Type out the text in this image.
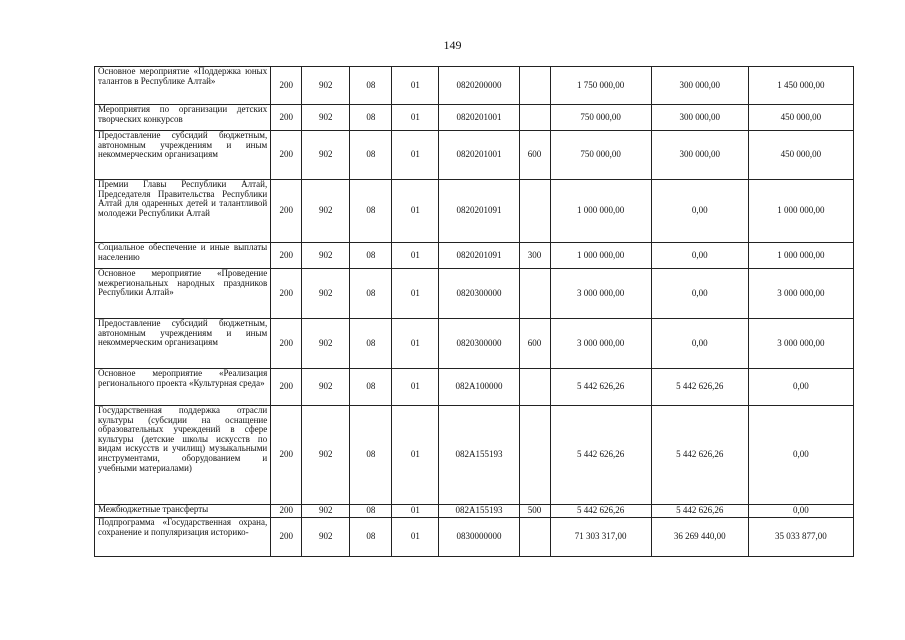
149
Основное мероприятие «Поддержка юных талантов в Республике Алтай»	200	902	08	01	0820200000		1 750 000,00	300 000,00	1 450 000,00
Мероприятия по организации детских творческих конкурсов	200	902	08	01	0820201001		750 000,00	300 000,00	450 000,00
Предоставление субсидий бюджетным, автономным учреждениям и иным некоммерческим организациям	200	902	08	01	0820201001	600	750 000,00	300 000,00	450 000,00
Премии Главы Республики Алтай, Председателя Правительства Республики Алтай для одаренных детей и талантливой молодежи Республики Алтай	200	902	08	01	0820201091		1 000 000,00	0,00	1 000 000,00
Социальное обеспечение и иные выплаты населению	200	902	08	01	0820201091	300	1 000 000,00	0,00	1 000 000,00
Основное мероприятие «Проведение межрегиональных народных праздников Республики Алтай»	200	902	08	01	0820300000		3 000 000,00	0,00	3 000 000,00
Предоставление субсидий бюджетным, автономным учреждениям и иным некоммерческим организациям	200	902	08	01	0820300000	600	3 000 000,00	0,00	3 000 000,00
Основное мероприятие «Реализация регионального проекта «Культурная среда»	200	902	08	01	082A100000		5 442 626,26	5 442 626,26	0,00
Государственная поддержка отрасли культуры (субсидии на оснащение образовательных учреждений в сфере культуры (детские школы искусств по видам искусств и училищ) музыкальными инструментами, оборудованием и учебными материалами)	200	902	08	01	082A155193		5 442 626,26	5 442 626,26	0,00
Межбюджетные трансферты	200	902	08	01	082A155193	500	5 442 626,26	5 442 626,26	0,00
Подпрограмма «Государственная охрана, сохранение и популяризация историко-	200	902	08	01	0830000000		71 303 317,00	36 269 440,00	35 033 877,00
